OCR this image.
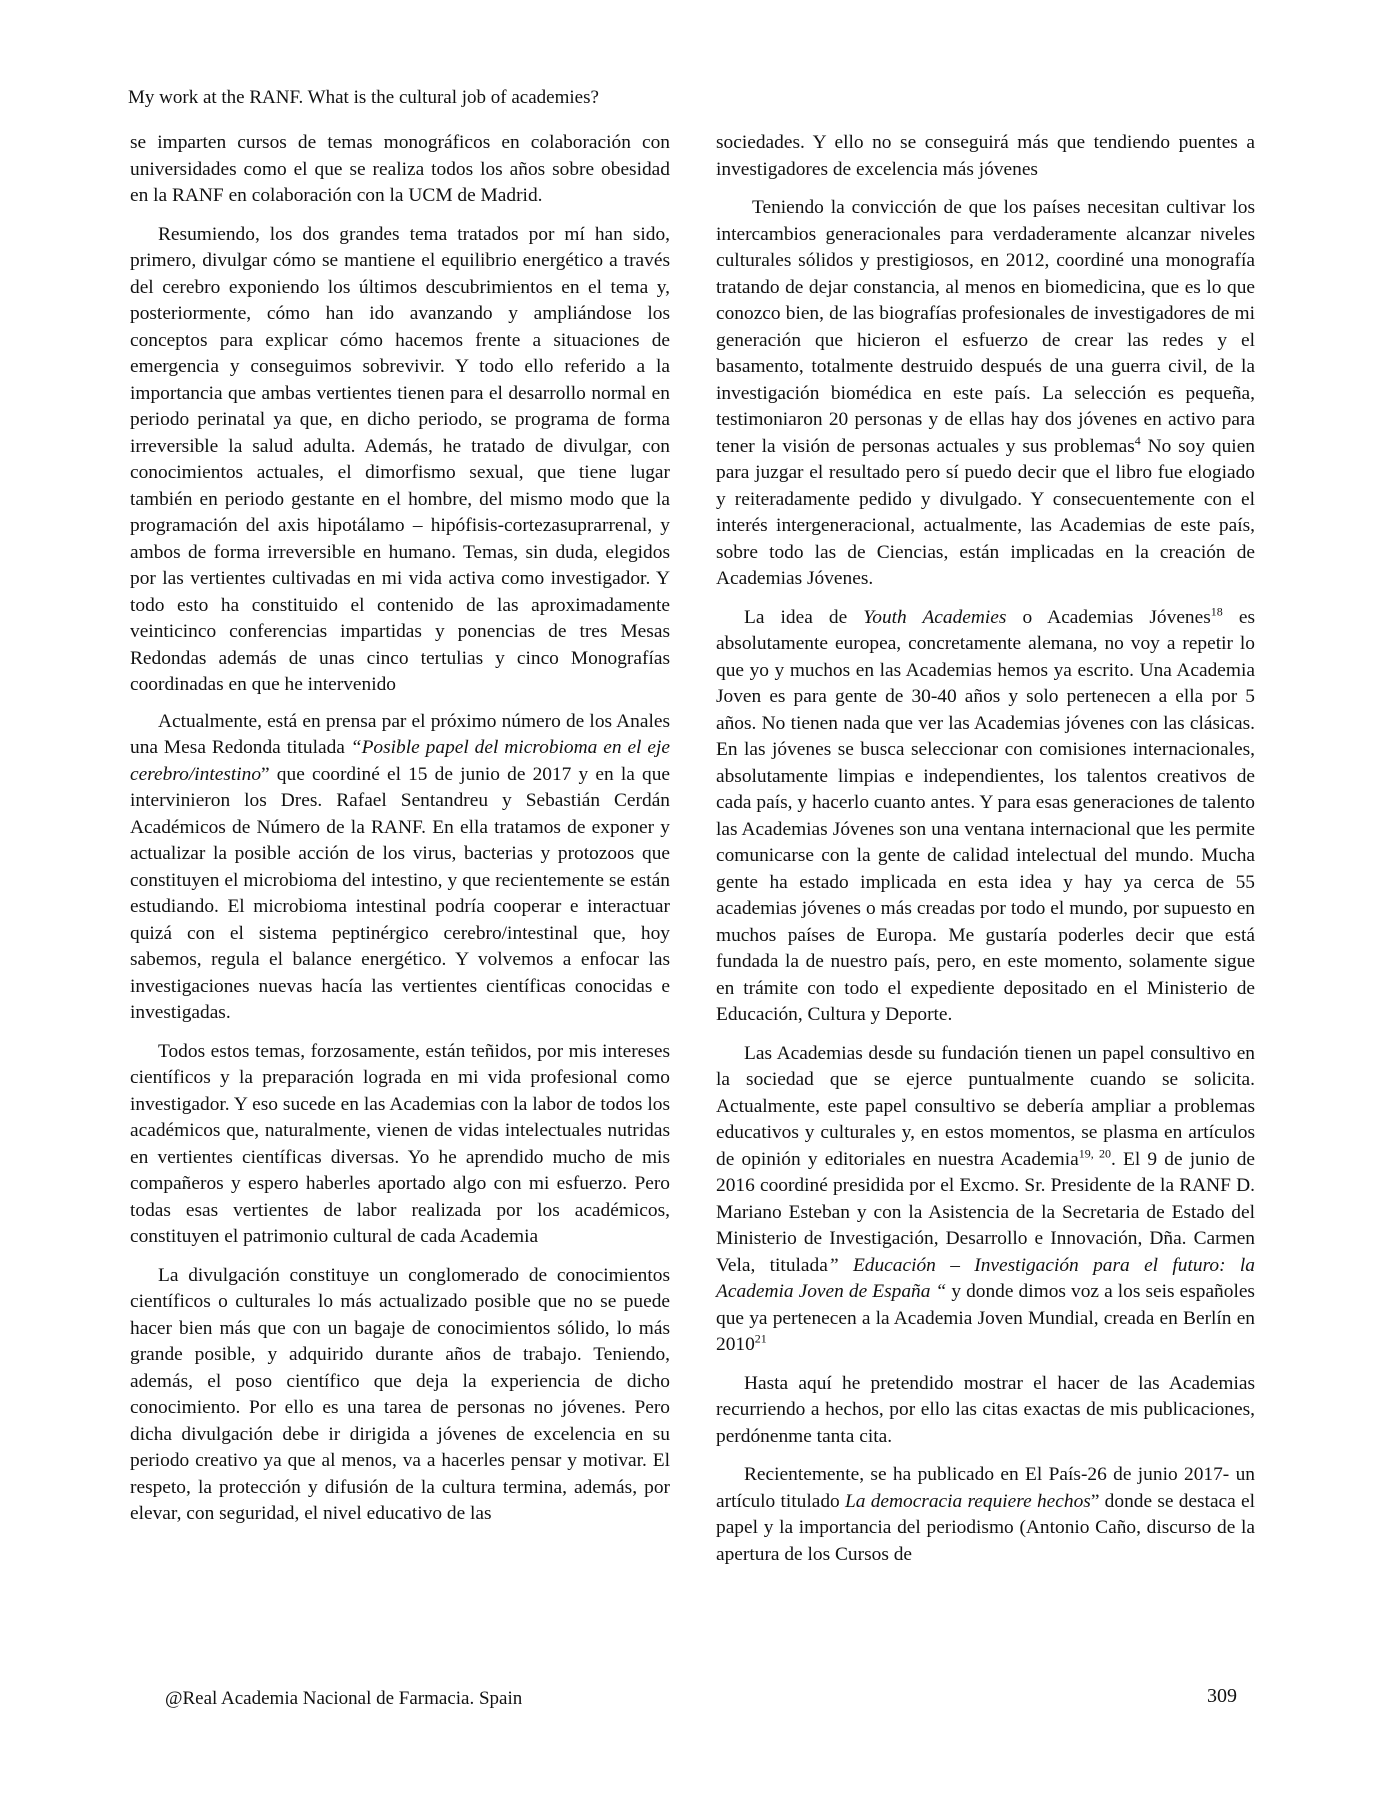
My work at the RANF. What is the cultural job of academies?

se imparten cursos de temas monográficos en colaboración con universidades como el que se realiza todos los años sobre obesidad en la RANF en colaboración con la UCM de Madrid.

Resumiendo, los dos grandes tema tratados por mí han sido, primero, divulgar cómo se mantiene el equilibrio energético a través del cerebro exponiendo los últimos descubrimientos en el tema y, posteriormente, cómo han ido avanzando y ampliándose los conceptos para explicar cómo hacemos frente a situaciones de emergencia y conseguimos sobrevivir. Y todo ello referido a la importancia que ambas vertientes tienen para el desarrollo normal en periodo perinatal ya que, en dicho periodo, se programa de forma irreversible la salud adulta. Además, he tratado de divulgar, con conocimientos actuales, el dimorfismo sexual, que tiene lugar también en periodo gestante en el hombre, del mismo modo que la programación del axis hipotálamo – hipófisis-cortezasuprarrenal, y ambos de forma irreversible en humano. Temas, sin duda, elegidos por las vertientes cultivadas en mi vida activa como investigador. Y todo esto ha constituido el contenido de las aproximadamente veinticinco conferencias impartidas y ponencias de tres Mesas Redondas además de unas cinco tertulias y cinco Monografías coordinadas en que he intervenido

Actualmente, está en prensa par el próximo número de los Anales una Mesa Redonda titulada “Posible papel del microbioma en el eje cerebro/intestino” que coordiné el 15 de junio de 2017 y en la que intervinieron los Dres. Rafael Sentandreu y Sebastián Cerdán Académicos de Número de la RANF. En ella tratamos de exponer y actualizar la posible acción de los virus, bacterias y protozoos que constituyen el microbioma del intestino, y que recientemente se están estudiando. El microbioma intestinal podría cooperar e interactuar quizá con el sistema peptinérgico cerebro/intestinal que, hoy sabemos, regula el balance energético. Y volvemos a enfocar las investigaciones nuevas hacía las vertientes científicas conocidas e investigadas.

Todos estos temas, forzosamente, están teñidos, por mis intereses científicos y la preparación lograda en mi vida profesional como investigador. Y eso sucede en las Academias con la labor de todos los académicos que, naturalmente, vienen de vidas intelectuales nutridas en vertientes científicas diversas. Yo he aprendido mucho de mis compañeros y espero haberles aportado algo con mi esfuerzo. Pero todas esas vertientes de labor realizada por los académicos, constituyen el patrimonio cultural de cada Academia

La divulgación constituye un conglomerado de conocimientos científicos o culturales lo más actualizado posible que no se puede hacer bien más que con un bagaje de conocimientos sólido, lo más grande posible, y adquirido durante años de trabajo. Teniendo, además, el poso científico que deja la experiencia de dicho conocimiento. Por ello es una tarea de personas no jóvenes. Pero dicha divulgación debe ir dirigida a jóvenes de excelencia en su periodo creativo ya que al menos, va a hacerles pensar y motivar. El respeto, la protección y difusión de la cultura termina, además, por elevar, con seguridad, el nivel educativo de las

sociedades. Y ello no se conseguirá más que tendiendo puentes a investigadores de excelencia más jóvenes

Teniendo la convicción de que los países necesitan cultivar los intercambios generacionales para verdaderamente alcanzar niveles culturales sólidos y prestigiosos, en 2012, coordiné una monografía tratando de dejar constancia, al menos en biomedicina, que es lo que conozco bien, de las biografías profesionales de investigadores de mi generación que hicieron el esfuerzo de crear las redes y el basamento, totalmente destruido después de una guerra civil, de la investigación biomédica en este país. La selección es pequeña, testimoniaron 20 personas y de ellas hay dos jóvenes en activo para tener la visión de personas actuales y sus problemas$^4$ No soy quien para juzgar el resultado pero sí puedo decir que el libro fue elogiado y reiteradamente pedido y divulgado. Y consecuentemente con el interés intergeneracional, actualmente, las Academias de este país, sobre todo las de Ciencias, están implicadas en la creación de Academias Jóvenes.

La idea de Youth Academies o Academias Jóvenes$^{18}$ es absolutamente europea, concretamente alemana, no voy a repetir lo que yo y muchos en las Academias hemos ya escrito. Una Academia Joven es para gente de 30-40 años y solo pertenecen a ella por 5 años. No tienen nada que ver las Academias jóvenes con las clásicas. En las jóvenes se busca seleccionar con comisiones internacionales, absolutamente limpias e independientes, los talentos creativos de cada país, y hacerlo cuanto antes. Y para esas generaciones de talento las Academias Jóvenes son una ventana internacional que les permite comunicarse con la gente de calidad intelectual del mundo. Mucha gente ha estado implicada en esta idea y hay ya cerca de 55 academias jóvenes o más creadas por todo el mundo, por supuesto en muchos países de Europa. Me gustaría poderles decir que está fundada la de nuestro país, pero, en este momento, solamente sigue en trámite con todo el expediente depositado en el Ministerio de Educación, Cultura y Deporte.

Las Academias desde su fundación tienen un papel consultivo en la sociedad que se ejerce puntualmente cuando se solicita. Actualmente, este papel consultivo se debería ampliar a problemas educativos y culturales y, en estos momentos, se plasma en artículos de opinión y editoriales en nuestra Academia$^{19, 20}$. El 9 de junio de 2016 coordiné presidida por el Excmo. Sr. Presidente de la RANF D. Mariano Esteban y con la Asistencia de la Secretaria de Estado del Ministerio de Investigación, Desarrollo e Innovación, Dña. Carmen Vela, titulada” Educación – Investigación para el futuro: la Academia Joven de España “ y donde dimos voz a los seis españoles que ya pertenecen a la Academia Joven Mundial, creada en Berlín en 2010$^{21}$

Hasta aquí he pretendido mostrar el hacer de las Academias recurriendo a hechos, por ello las citas exactas de mis publicaciones, perdónenme tanta cita.

Recientemente, se ha publicado en El País-26 de junio 2017- un artículo titulado La democracia requiere hechos” donde se destaca el papel y la importancia del periodismo (Antonio Caño, discurso de la apertura de los Cursos de

@Real Academia Nacional de Farmacia. Spain	309
